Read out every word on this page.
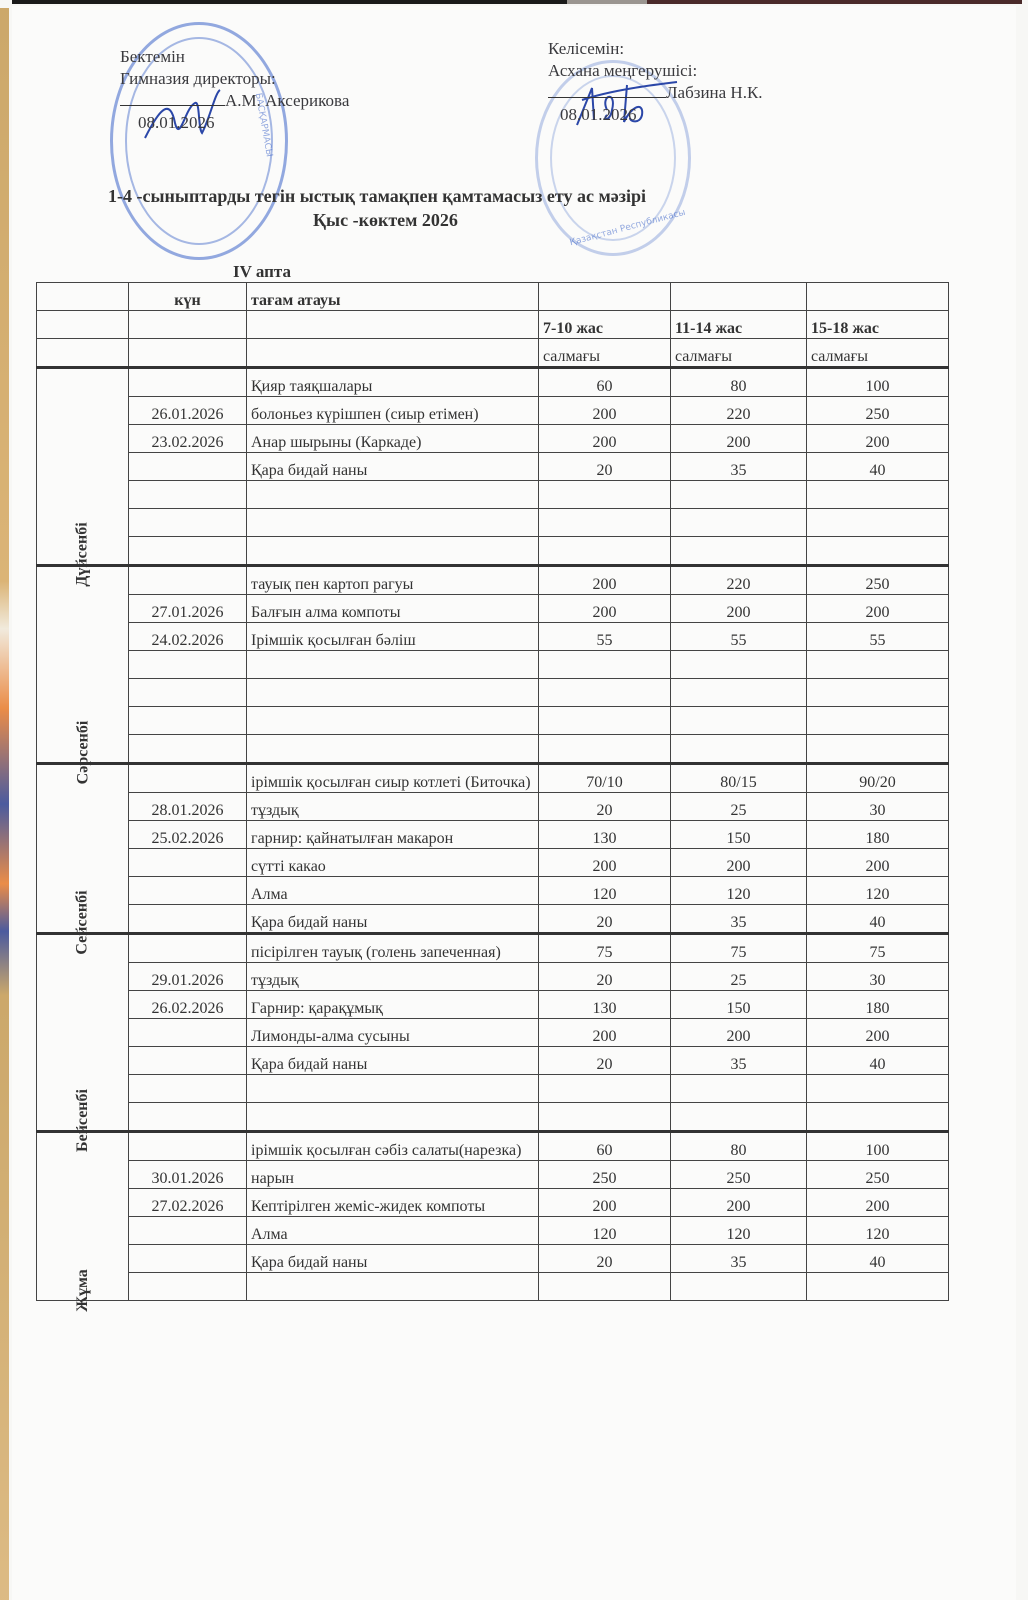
БАСҚАРМАСЫ
Бектемін
Гимназия директоры:
А.М. Аксерикова
08.01.2026
Қазақстан Республикасы
Келісемін:
Асхана меңгерушісі:
Лабзина Н.К.
08.01.2026
1-4 -сыныптарды тегін ыстық тамақпен қамтамасыз ету ас мәзірі
Қыс -көктем 2026
IV апта
	күн	тағам атауы			
			7-10 жас	11-14 жас	15-18 жас
			салмағы	салмағы	салмағы
Дүйсенбі		Қияр таяқшалары	60	80	100
	26.01.2026	болоньез күрішпен (сиыр етімен)	200	220	250
	23.02.2026	Анар шырыны (Каркаде)	200	200	200
		Қара бидай наны	20	35	40

Сәрсенбі		тауық пен картоп рагуы	200	220	250
	27.01.2026	Балғын алма компоты	200	200	200
	24.02.2026	Ірімшік қосылған бәліш	55	55	55

Сейсенбі		ірімшік қосылған сиыр котлеті (Биточка)	70/10	80/15	90/20
	28.01.2026	тұздық	20	25	30
	25.02.2026	гарнир: қайнатылған макарон	130	150	180
		сүтті какао	200	200	200
		Алма	120	120	120
		Қара бидай наны	20	35	40
Бейсенбі		пісірілген тауық (голень запеченная)	75	75	75
	29.01.2026	тұздық	20	25	30
	26.02.2026	Гарнир: қарақұмық	130	150	180
		Лимонды-алма сусыны	200	200	200
		Қара бидай наны	20	35	40

Жұма		ірімшік қосылған сәбіз салаты(нарезка)	60	80	100
	30.01.2026	нарын	250	250	250
	27.02.2026	Кептірілген жеміс-жидек компоты	200	200	200
		Алма	120	120	120
		Қара бидай наны	20	35	40
